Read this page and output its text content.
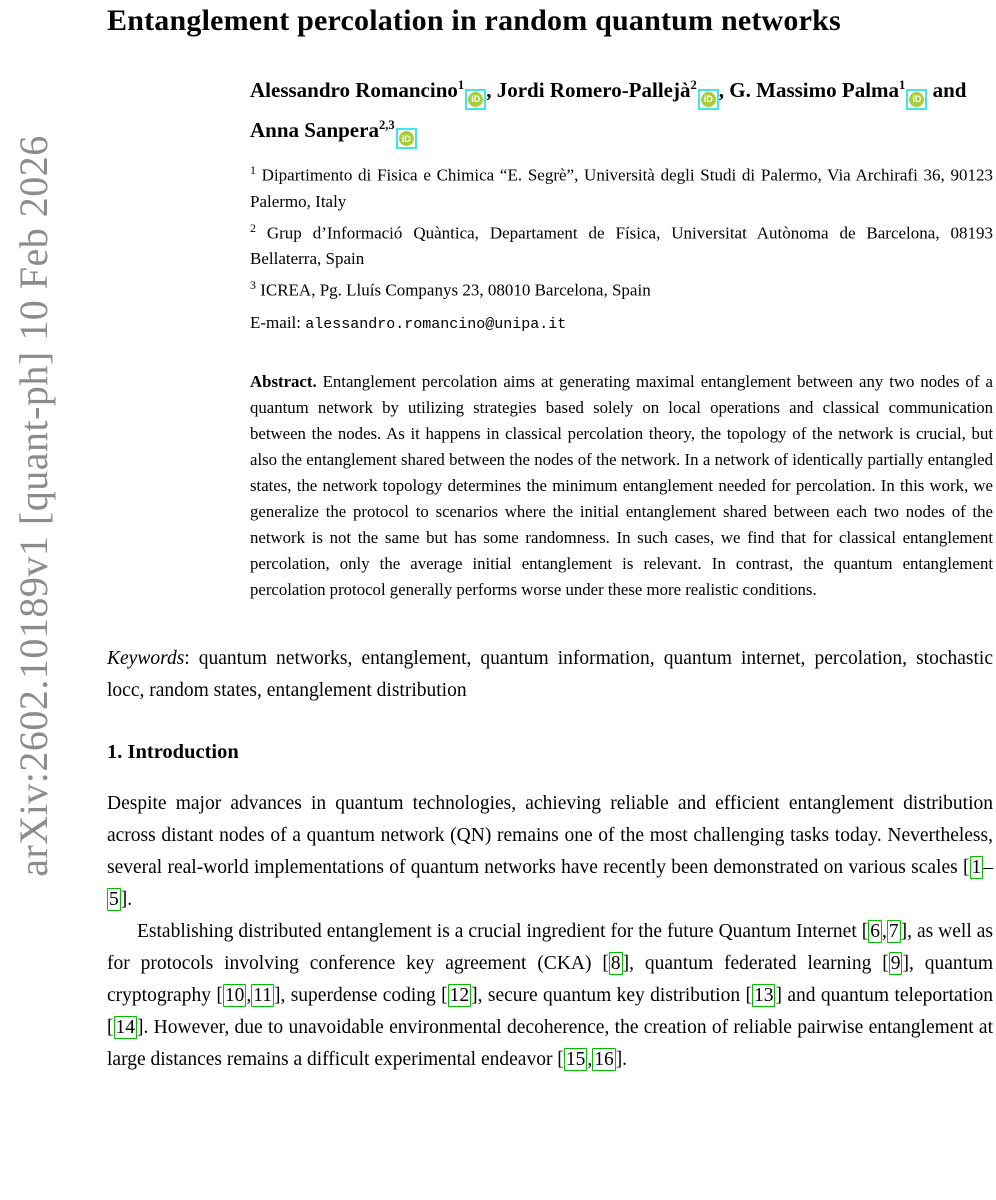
arXiv:2602.10189v1 [quant-ph] 10 Feb 2026
Entanglement percolation in random quantum networks
Alessandro Romancino$^1$iD , Jordi Romero-Pallejà$^2$iD , G. Massimo Palma$^1$iD and Anna Sanpera$^{2,3}$iD
$^1$ Dipartimento di Fisica e Chimica “E. Segrè”, Università degli Studi di Palermo, Via Archirafi 36, 90123 Palermo, Italy
$^2$ Grup d’Informació Quàntica, Departament de Física, Universitat Autònoma de Barcelona, 08193 Bellaterra, Spain
$^3$ ICREA, Pg. Lluís Companys 23, 08010 Barcelona, Spain
E-mail: alessandro.romancino@unipa.it
Abstract. Entanglement percolation aims at generating maximal entanglement between any two nodes of a quantum network by utilizing strategies based solely on local operations and classical communication between the nodes. As it happens in classical percolation theory, the topology of the network is crucial, but also the entanglement shared between the nodes of the network. In a network of identically partially entangled states, the network topology determines the minimum entanglement needed for percolation. In this work, we generalize the protocol to scenarios where the initial entanglement shared between each two nodes of the network is not the same but has some randomness. In such cases, we find that for classical entanglement percolation, only the average initial entanglement is relevant. In contrast, the quantum entanglement percolation protocol generally performs worse under these more realistic conditions.
Keywords: quantum networks, entanglement, quantum information, quantum internet, percolation, stochastic locc, random states, entanglement distribution
1. Introduction
Despite major advances in quantum technologies, achieving reliable and efficient entanglement distribution across distant nodes of a quantum network (QN) remains one of the most challenging tasks today. Nevertheless, several real-world implementations of quantum networks have recently been demonstrated on various scales [ 1 –5 ].
Establishing distributed entanglement is a crucial ingredient for the future Quantum Internet [ 6 , 7 ], as well as for protocols involving conference key agreement (CKA) [ 8 ], quantum federated learning [ 9 ], quantum cryptography [ 10 , 11 ], superdense coding [ 12 ], secure quantum key distribution [ 13 ] and quantum teleportation [ 14 ]. However, due to unavoidable environmental decoherence, the creation of reliable pairwise entanglement at large distances remains a difficult experimental endeavor [ 15 , 16 ].
